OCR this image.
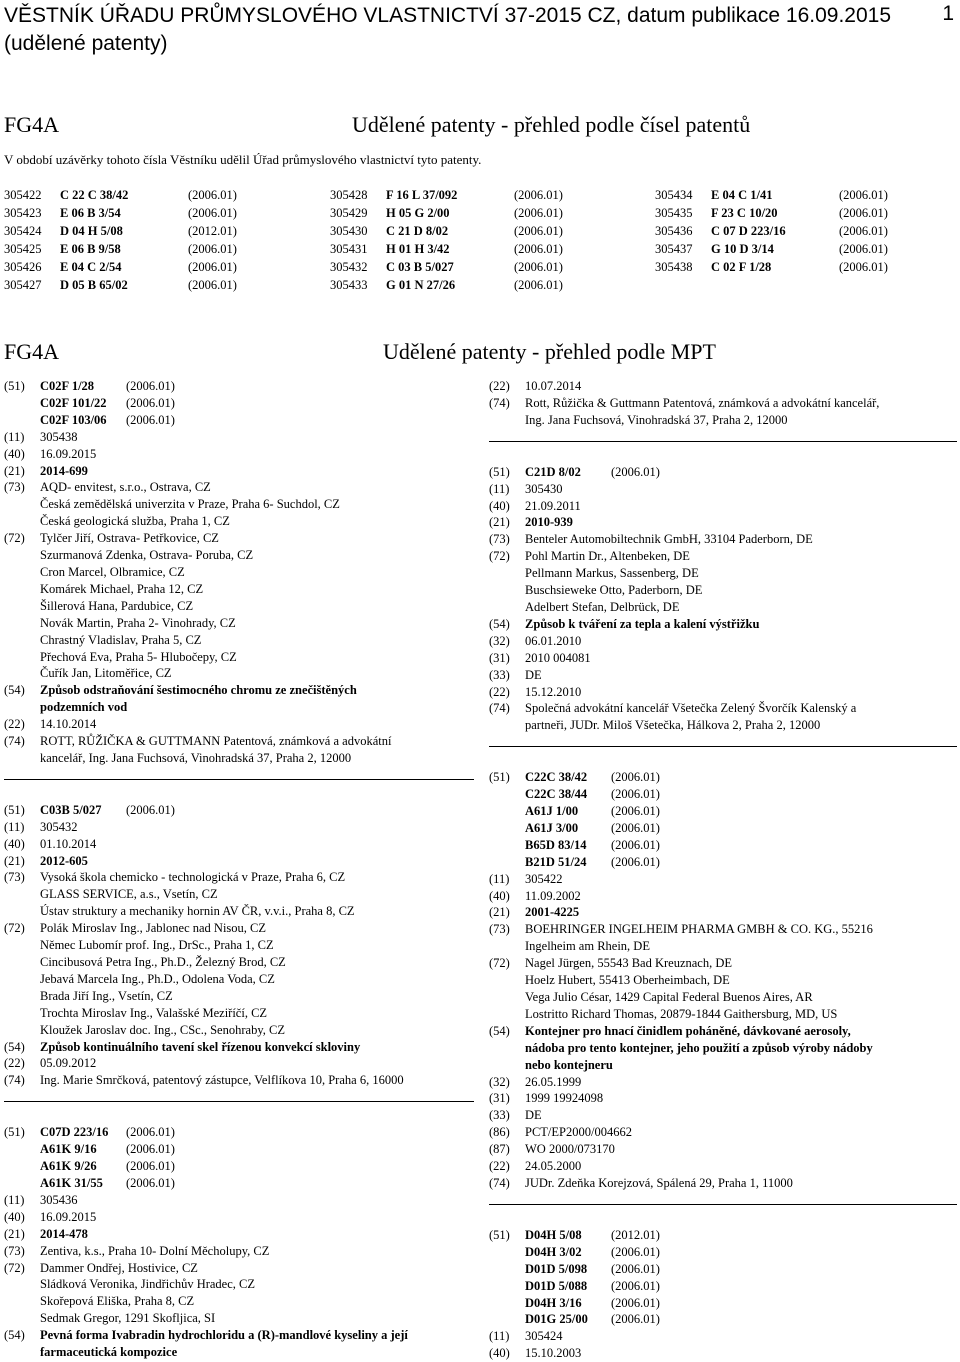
VĚSTNÍK ÚŘADU PRŮMYSLOVÉHO VLASTNICTVÍ 37-2015 CZ, datum publikace 16.09.2015
(udělené patenty)
1
FG4A	Udělené patenty - přehled podle čísel patentů
V období uzávěrky tohoto čísla Věstníku udělil Úřad průmyslového vlastnictví tyto patenty.
305422	C 22 C 38/42	(2006.01)
305423	E 06 B 3/54	(2006.01)
305424	D 04 H 5/08	(2012.01)
305425	E 06 B 9/58	(2006.01)
305426	E 04 C 2/54	(2006.01)
305427	D 05 B 65/02	(2006.01)
305428	F 16 L 37/092	(2006.01)
305429	H 05 G 2/00	(2006.01)
305430	C 21 D 8/02	(2006.01)
305431	H 01 H 3/42	(2006.01)
305432	C 03 B 5/027	(2006.01)
305433	G 01 N 27/26	(2006.01)
305434	E 04 C 1/41	(2006.01)
305435	F 23 C 10/20	(2006.01)
305436	C 07 D 223/16	(2006.01)
305437	G 10 D 3/14	(2006.01)
305438	C 02 F 1/28	(2006.01)
FG4A	Udělené patenty - přehled podle MPT
(51)	C02F 1/28	(2006.01)
C02F 101/22 (2006.01)
C02F 103/06 (2006.01)
(11)	305438
(40)	16.09.2015
(21)	2014-699
(73)	AQD- envitest, s.r.o., Ostrava, CZ
Česká zemědělská univerzita v Praze, Praha 6- Suchdol, CZ
Česká geologická služba, Praha 1, CZ
(72)	Tylčer Jiří, Ostrava- Petřkovice, CZ
Szurmanová Zdenka, Ostrava- Poruba, CZ
Cron Marcel, Olbramice, CZ
Komárek Michael, Praha 12, CZ
Šillerová Hana, Pardubice, CZ
Novák Martin, Praha 2- Vinohrady, CZ
Chrastný Vladislav, Praha 5, CZ
Přechová Eva, Praha 5- Hlubočepy, CZ
Čuřík Jan, Litoměřice, CZ
(54)	Způsob odstraňování šestimocného chromu ze znečištěných
podzemních vod
(22)	14.10.2014
(74)	ROTT, RŮŽIČKA & GUTTMANN Patentová, známková a advokátní
kancelář, Ing. Jana Fuchsová, Vinohradská 37, Praha 2, 12000
(51)	C03B 5/027 (2006.01)
(11)	305432
(40)	01.10.2014
(21)	2012-605
(73)	Vysoká škola chemicko - technologická v Praze, Praha 6, CZ
GLASS SERVICE, a.s., Vsetín, CZ
Ústav struktury a mechaniky hornin AV ČR, v.v.i., Praha 8, CZ
(72)	Polák Miroslav Ing., Jablonec nad Nisou, CZ
Němec Lubomír prof. Ing., DrSc., Praha 1, CZ
Cincibusová Petra Ing., Ph.D., Železný Brod, CZ
Jebavá Marcela Ing., Ph.D., Odolena Voda, CZ
Brada Jiří Ing., Vsetín, CZ
Trochta Miroslav Ing., Valašské Meziříčí, CZ
Kloužek Jaroslav doc. Ing., CSc., Senohraby, CZ
(54)	Způsob kontinuálního tavení skel řízenou konvekcí skloviny
(22)	05.09.2012
(74)	Ing. Marie Smrčková, patentový zástupce, Velflíkova 10, Praha 6, 16000
(51)	C07D 223/16 (2006.01)
A61K 9/16 (2006.01)
A61K 9/26 (2006.01)
A61K 31/55 (2006.01)
(11)	305436
(40)	16.09.2015
(21)	2014-478
(73)	Zentiva, k.s., Praha 10- Dolní Měcholupy, CZ
(72)	Dammer Ondřej, Hostivice, CZ
Sládková Veronika, Jindřichův Hradec, CZ
Skořepová Eliška, Praha 8, CZ
Sedmak Gregor, 1291 Skofljica, SI
(54)	Pevná forma Ivabradin hydrochloridu a (R)-mandlové kyseliny a její
farmaceutická kompozice
(22)	10.07.2014
(74)	Rott, Růžička & Guttmann Patentová, známková a advokátní kancelář,
Ing. Jana Fuchsová, Vinohradská 37, Praha 2, 12000
(51)	C21D 8/02 (2006.01)
(11)	305430
(40)	21.09.2011
(21)	2010-939
(73)	Benteler Automobiltechnik GmbH, 33104 Paderborn, DE
(72)	Pohl Martin Dr., Altenbeken, DE
Pellmann Markus, Sassenberg, DE
Buschsieweke Otto, Paderborn, DE
Adelbert Stefan, Delbrück, DE
(54)	Způsob k tváření za tepla a kalení výstřižku
(32)	06.01.2010
(31)	2010 004081
(33)	DE
(22)	15.12.2010
(74)	Společná advokátní kancelář Všetečka Zelený Švorčík Kalenský a
partneři, JUDr. Miloš Všetečka, Hálkova 2, Praha 2, 12000
(51)	C22C 38/42 (2006.01)
C22C 38/44 (2006.01)
A61J 1/00	(2006.01)
A61J 3/00	(2006.01)
B65D 83/14 (2006.01)
B21D 51/24 (2006.01)
(11)	305422
(40)	11.09.2002
(21)	2001-4225
(73)	BOEHRINGER INGELHEIM PHARMA GMBH & CO. KG., 55216
Ingelheim am Rhein, DE
(72)	Nagel Jürgen, 55543 Bad Kreuznach, DE
Hoelz Hubert, 55413 Oberheimbach, DE
Vega Julio César, 1429 Capital Federal Buenos Aires, AR
Lostritto Richard Thomas, 20879-1844 Gaithersburg, MD, US
(54)	Kontejner pro hnací činidlem poháněné, dávkované aerosoly,
nádoba pro tento kontejner, jeho použití a způsob výroby nádoby
nebo kontejneru
(32)	26.05.1999
(31)	1999 19924098
(33)	DE
(86)	PCT/EP2000/004662
(87)	WO 2000/073170
(22)	24.05.2000
(74)	JUDr. Zdeňka Korejzová, Spálená 29, Praha 1, 11000
(51)	D04H 5/08 (2012.01)
D04H 3/02 (2006.01)
D01D 5/098 (2006.01)
D01D 5/088 (2006.01)
D04H 3/16 (2006.01)
D01G 25/00 (2006.01)
(11)	305424
(40)	15.10.2003
